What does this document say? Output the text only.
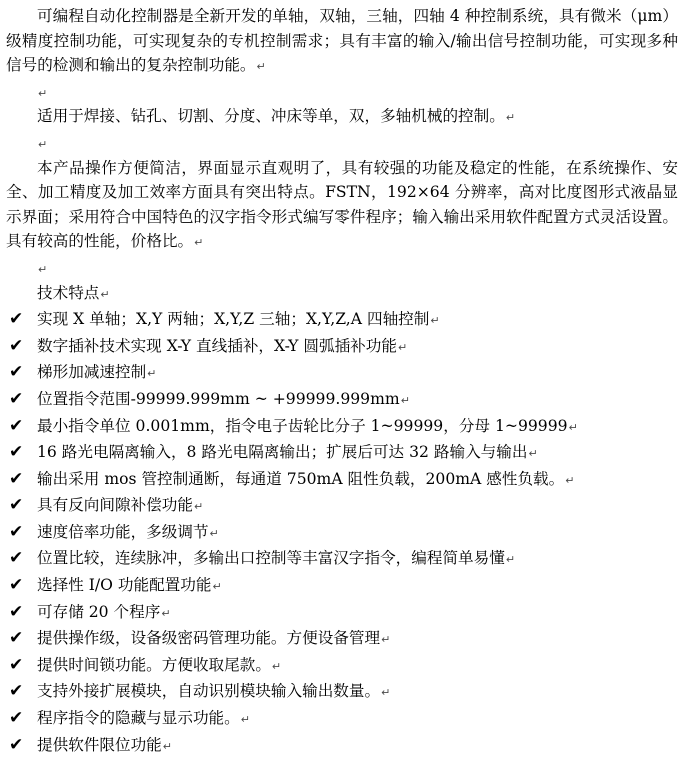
可编程自动化控制器是全新开发的单轴，双轴，三轴，四轴 4 种控制系统，具有微米（μm）级精度控制功能，可实现复杂的专机控制需求；具有丰富的输入/输出信号控制功能，可实现多种信号的检测和输出的复杂控制功能。↵

↵

适用于焊接、钻孔、切割、分度、冲床等单，双，多轴机械的控制。↵

↵

本产品操作方便简洁，界面显示直观明了，具有较强的功能及稳定的性能，在系统操作、安全、加工精度及加工效率方面具有突出特点。FSTN，192×64 分辨率，高对比度图形式液晶显示界面；采用符合中国特色的汉字指令形式编写零件程序；输入输出采用软件配置方式灵活设置。具有较高的性能，价格比。↵

↵
技术特点↵
✔ 实现 X 单轴；X,Y 两轴；X,Y,Z 三轴；X,Y,Z,A 四轴控制↵
✔ 数字插补技术实现 X-Y 直线插补，X-Y 圆弧插补功能↵
✔ 梯形加减速控制↵
✔ 位置指令范围-99999.999mm ~ +99999.999mm↵
✔ 最小指令单位 0.001mm，指令电子齿轮比分子 1~99999，分母 1~99999↵
✔ 16 路光电隔离输入，8 路光电隔离输出；扩展后可达 32 路输入与输出↵
✔ 输出采用 mos 管控制通断，每通道 750mA 阻性负载，200mA 感性负载。↵
✔ 具有反向间隙补偿功能↵
✔ 速度倍率功能，多级调节↵
✔ 位置比较，连续脉冲，多输出口控制等丰富汉字指令，编程简单易懂↵
✔ 选择性 I/O 功能配置功能↵
✔ 可存储 20 个程序↵
✔ 提供操作级，设备级密码管理功能。方便设备管理↵
✔ 提供时间锁功能。方便收取尾款。↵
✔ 支持外接扩展模块，自动识别模块输入输出数量。↵
✔ 程序指令的隐藏与显示功能。↵
✔ 提供软件限位功能↵
